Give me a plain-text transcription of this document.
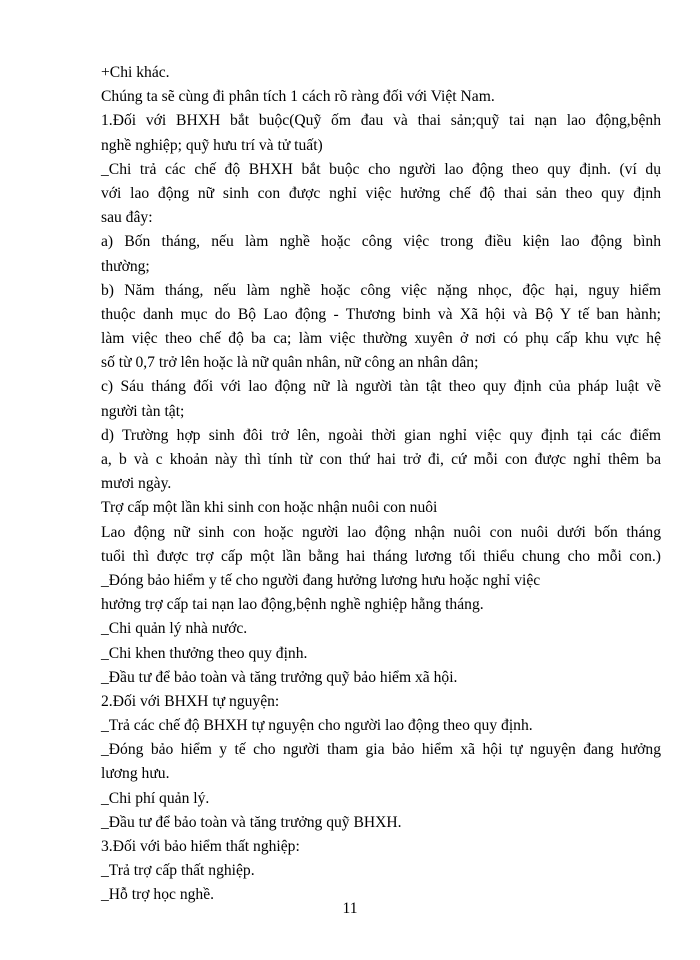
+Chi khác.
Chúng ta sẽ cùng đi phân tích 1 cách rõ ràng đối với Việt Nam.
1.Đối với BHXH bắt buộc(Quỹ ốm đau và thai sản;quỹ tai nạn lao động,bệnh
nghề nghiệp; quỹ hưu trí và tử tuất)
_Chi trả các chế độ BHXH bắt buộc cho người lao động theo quy định. (ví dụ
với lao động nữ sinh con được nghỉ việc hưởng chế độ thai sản theo quy định
sau đây:
a) Bốn tháng, nếu làm nghề hoặc công việc trong điều kiện lao động bình
thường;
b) Năm tháng, nếu làm nghề hoặc công việc nặng nhọc, độc hại, nguy hiểm
thuộc danh mục do Bộ Lao động - Thương binh và Xã hội và Bộ Y tế ban hành;
làm việc theo chế độ ba ca; làm việc thường xuyên ở nơi có phụ cấp khu vực hệ
số từ 0,7 trở lên hoặc là nữ quân nhân, nữ công an nhân dân;
c) Sáu tháng đối với lao động nữ là người tàn tật theo quy định của pháp luật về
người tàn tật;
d) Trường hợp sinh đôi trở lên, ngoài thời gian nghỉ việc quy định tại các điểm
a, b và c khoản này thì tính từ con thứ hai trở đi, cứ mỗi con được nghỉ thêm ba
mươi ngày.
Trợ cấp một lần khi sinh con hoặc nhận nuôi con nuôi
Lao động nữ sinh con hoặc người lao động nhận nuôi con nuôi dưới bốn tháng
tuổi thì được trợ cấp một lần bằng hai tháng lương tối thiểu chung cho mỗi con.)
_Đóng bảo hiểm y tế cho người đang hưởng lương hưu hoặc nghỉ việc
hưởng trợ cấp tai nạn lao động,bệnh nghề nghiệp hằng tháng.
_Chi quản lý nhà nước.
_Chi khen thưởng theo quy định.
_Đầu tư để bảo toàn và tăng trưởng quỹ bảo hiểm xã hội.
2.Đối với BHXH tự nguyện:
_Trả các chế độ BHXH tự nguyện cho người lao động theo quy định.
_Đóng bảo hiểm y tế cho người tham gia bảo hiểm xã hội tự nguyện đang hưởng
lương hưu.
_Chi phí quản lý.
_Đầu tư để bảo toàn và tăng trưởng quỹ BHXH.
3.Đối với bảo hiểm thất nghiệp:
_Trả trợ cấp thất nghiệp.
_Hỗ trợ học nghề.
11
